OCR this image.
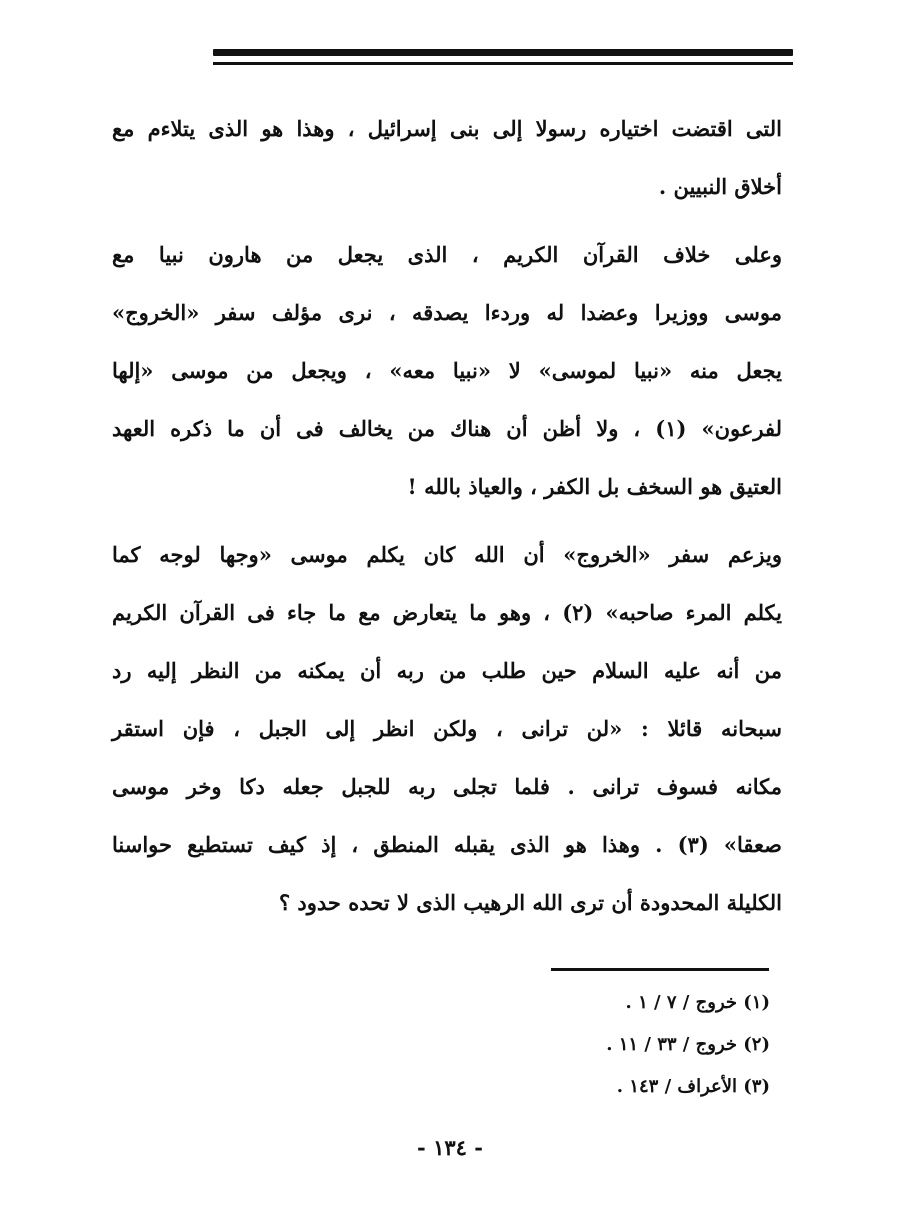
التى اقتضت اختياره رسولا إلى بنى إسرائيل ، وهذا هو الذى يتلاءم مع
أخلاق النبيين .
وعلى خلاف القرآن الكريم ، الذى يجعل من هارون نبيا مع
موسى ووزيرا وعضدا له وردءا يصدقه ، نرى مؤلف سفر «الخروج»
يجعل منه «نبيا لموسى» لا «نبيا معه» ، ويجعل من موسى «إلها
لفرعون» (١) ، ولا أظن أن هناك من يخالف فى أن ما ذكره العهد
العتيق هو السخف بل الكفر ، والعياذ بالله !
ويزعم سفر «الخروج» أن الله كان يكلم موسى «وجها لوجه كما
يكلم المرء صاحبه» (٢) ، وهو ما يتعارض مع ما جاء فى القرآن الكريم
من أنه عليه السلام حين طلب من ربه أن يمكنه من النظر إليه رد
سبحانه قائلا : «لن ترانى ، ولكن انظر إلى الجبل ، فإن استقر
مكانه فسوف ترانى . فلما تجلى ربه للجبل جعله دكا وخر موسى
صعقا» (٣) . وهذا هو الذى يقبله المنطق ، إذ كيف تستطيع حواسنا
الكليلة المحدودة أن ترى الله الرهيب الذى لا تحده حدود ؟
(١) خروج / ٧ / ١ .
(٢) خروج / ٣٣ / ١١ .
(٣) الأعراف / ١٤٣ .
- ١٣٤ -
